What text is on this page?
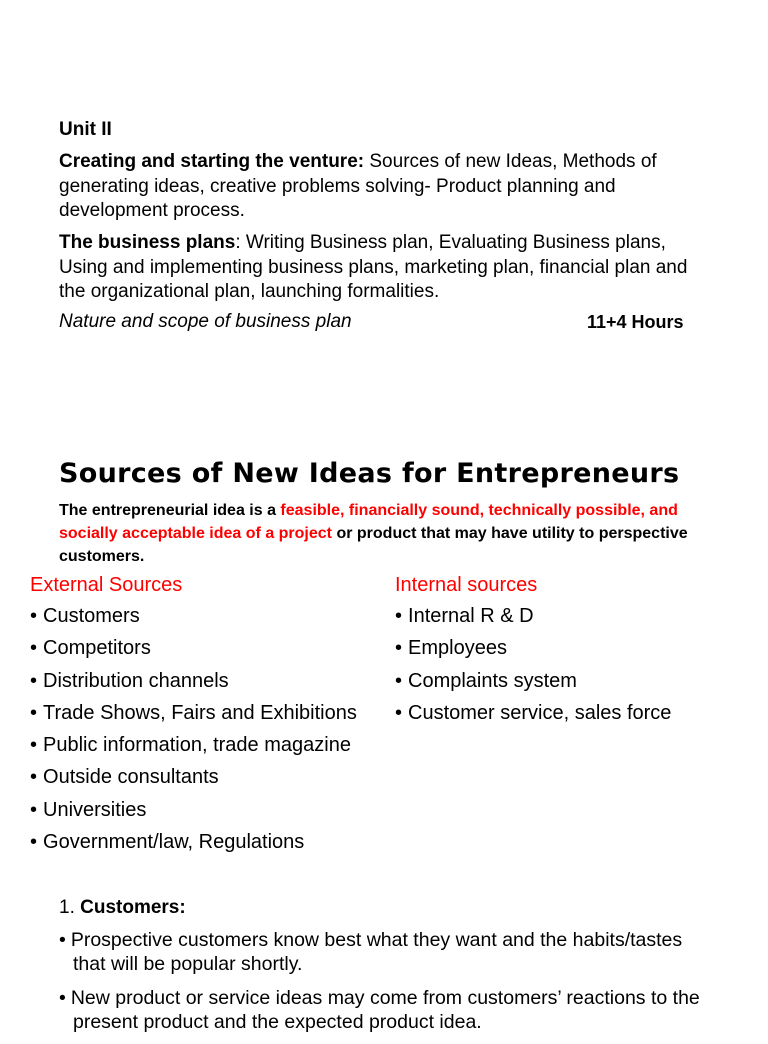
Unit II
Creating and starting the venture: Sources of new Ideas, Methods of generating ideas, creative problems solving- Product planning and development process.
The business plans: Writing Business plan, Evaluating Business plans, Using and implementing business plans, marketing plan, financial plan and the organizational plan, launching formalities.
Nature and scope of business plan	11+4 Hours
Sources of New Ideas for Entrepreneurs
The entrepreneurial idea is a feasible, financially sound, technically possible, and socially acceptable idea of a project or product that may have utility to perspective customers.
External Sources	Internal sources
• Customers
• Competitors
• Distribution channels
• Trade Shows, Fairs and Exhibitions
• Public information, trade magazine
• Outside consultants
• Universities
• Government/law, Regulations
• Internal R & D
• Employees
• Complaints system
• Customer service, sales force
1. Customers:
• Prospective customers know best what they want and the habits/tastes that will be popular shortly.
• New product or service ideas may come from customers’ reactions to the present product and the expected product idea.
